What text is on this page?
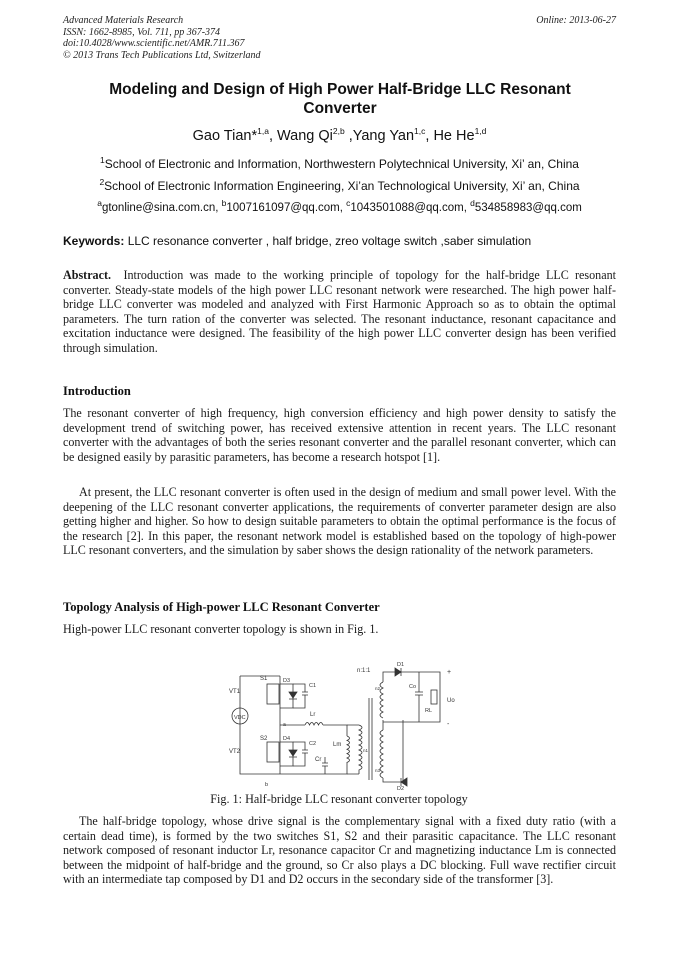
Advanced Materials Research
ISSN: 1662-8985, Vol. 711, pp 367-374
doi:10.4028/www.scientific.net/AMR.711.367
© 2013 Trans Tech Publications Ltd, Switzerland
Online: 2013-06-27
Modeling and Design of High Power Half-Bridge LLC Resonant Converter
Gao Tian*$^{1,a}$, Wang Qi$^{2,b}$ ,Yang Yan$^{1,c}$, He He$^{1,d}$
$^1$School of Electronic and Information, Northwestern Polytechnical University, Xi’ an, China
$^2$School of Electronic Information Engineering, Xi’an Technological University, Xi’ an, China
$^a$gtonline@sina.com.cn, $^b$1007161097@qq.com, $^c$1043501088@qq.com, $^d$534858983@qq.com
Keywords: LLC resonance converter , half bridge, zreo voltage switch ,saber simulation
Abstract. Introduction was made to the working principle of topology for the half-bridge LLC resonant converter. Steady-state models of the high power LLC resonant network were researched. The high power half-bridge LLC converter was modeled and analyzed with First Harmonic Approach so as to obtain the optimal parameters. The turn ration of the converter was selected. The resonant inductance, resonant capacitance and excitation inductance were designed. The feasibility of the high power LLC converter design has been verified through simulation.
Introduction
The resonant converter of high frequency, high conversion efficiency and high power density to satisfy the development trend of switching power, has received extensive attention in recent years. The LLC resonant converter with the advantages of both the series resonant converter and the parallel resonant converter, which can be designed easily by parasitic parameters, has become a research hotspot [1].
At present, the LLC resonant converter is often used in the design of medium and small power level. With the deepening of the LLC resonant converter applications, the requirements of converter parameter design are also getting higher and higher. So how to design suitable parameters to obtain the optimal performance is the focus of the research [2]. In this paper, the resonant network model is established based on the topology of high-power LLC resonant converters, and the simulation by saber shows the design rationality of the network parameters.
Topology Analysis of High-power LLC Resonant Converter
High-power LLC resonant converter topology is shown in Fig. 1.
VDC
VT1
VT2
S1
S2
D3
D4
C1
C2
a
b
Lr
Cr
Lm
n:1:1
n1
n2
n3
D1
D2
Co
RL
+
-
Uo
Fig. 1: Half-bridge LLC resonant converter topology
The half-bridge topology, whose drive signal is the complementary signal with a fixed duty ratio (with a certain dead time), is formed by the two switches S1, S2 and their parasitic capacitance. The LLC resonant network composed of resonant inductor Lr, resonance capacitor Cr and magnetizing inductance Lm is connected between the midpoint of half-bridge and the ground, so Cr also plays a DC blocking. Full wave rectifier circuit with an intermediate tap composed by D1 and D2 occurs in the secondary side of the transformer [3].
